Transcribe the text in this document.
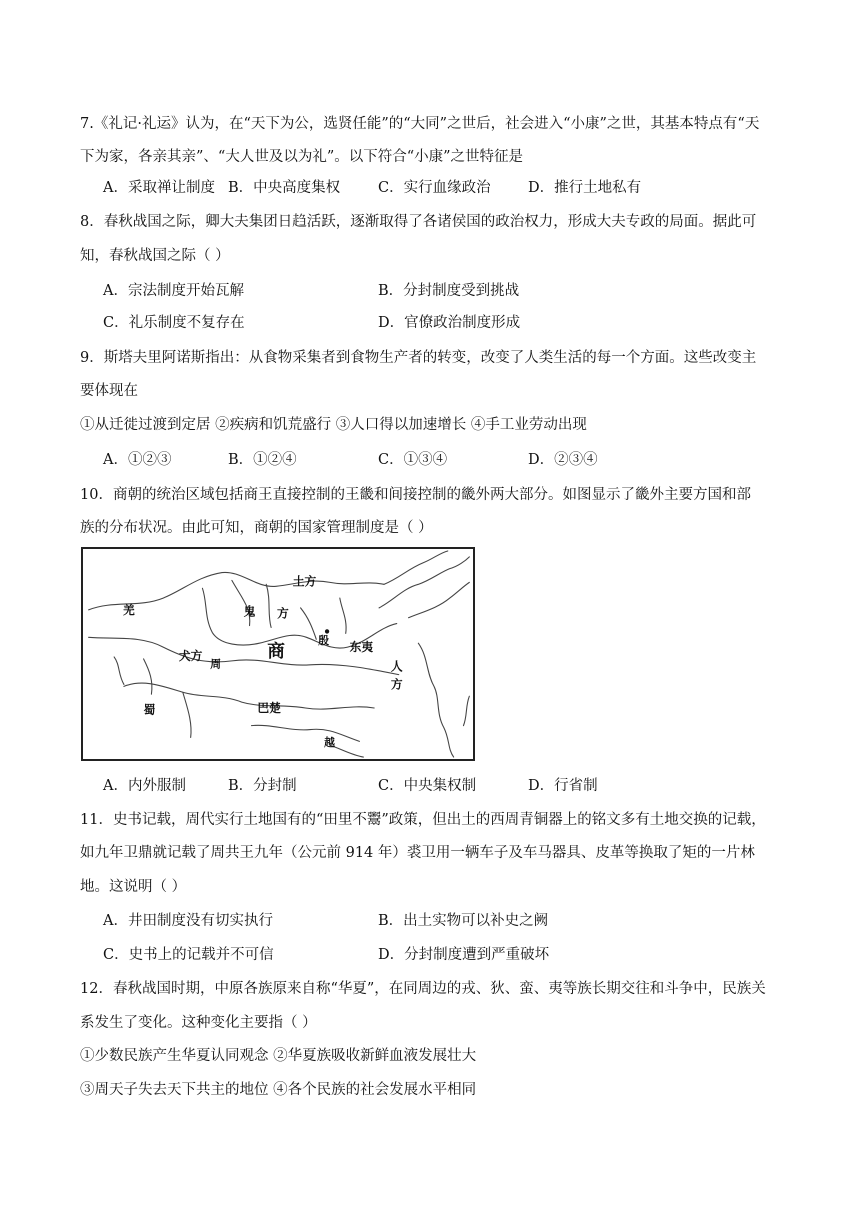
7.《礼记·礼运》认为，在“天下为公，选贤任能”的“大同”之世后，社会进入“小康”之世，其基本特点有“天
下为家，各亲其亲”、“大人世及以为礼”。以下符合“小康”之世特征是
A．采取禅让制度 B．中央高度集权	C．实行血缘政治	D．推行土地私有
8．春秋战国之际，卿大夫集团日趋活跃，逐渐取得了各诸侯国的政治权力，形成大夫专政的局面。据此可
知，春秋战国之际（ ）
A．宗法制度开始瓦解	B．分封制度受到挑战
C．礼乐制度不复存在	D．官僚政治制度形成
9．斯塔夫里阿诺斯指出：从食物采集者到食物生产者的转变，改变了人类生活的每一个方面。这些改变主
要体现在
①从迁徙过渡到定居 ②疾病和饥荒盛行 ③人口得以加速增长 ④手工业劳动出现
A．①②③	B．①②④	C．①③④	D．②③④
10．商朝的统治区域包括商王直接控制的王畿和间接控制的畿外两大部分。如图显示了畿外主要方国和部
族的分布状况。由此可知，商朝的国家管理制度是（ ）
土方
羌	鬼 方
殷
商
犬方
周
东夷
人
方
蜀	巴楚
越
A．内外服制	B．分封制	C．中央集权制	D．行省制
11．史书记载，周代实行土地国有的“田里不鬻”政策，但出土的西周青铜器上的铭文多有土地交换的记载，
如九年卫鼎就记载了周共王九年（公元前 914 年）裘卫用一辆车子及车马器具、皮革等换取了矩的一片林
地。这说明（ ）
A．井田制度没有切实执行	B．出土实物可以补史之阙
C．史书上的记载并不可信	D．分封制度遭到严重破坏
12．春秋战国时期，中原各族原来自称“华夏”，在同周边的戎、狄、蛮、夷等族长期交往和斗争中，民族关
系发生了变化。这种变化主要指（ ）
①少数民族产生华夏认同观念 ②华夏族吸收新鲜血液发展壮大
③周天子失去天下共主的地位 ④各个民族的社会发展水平相同
